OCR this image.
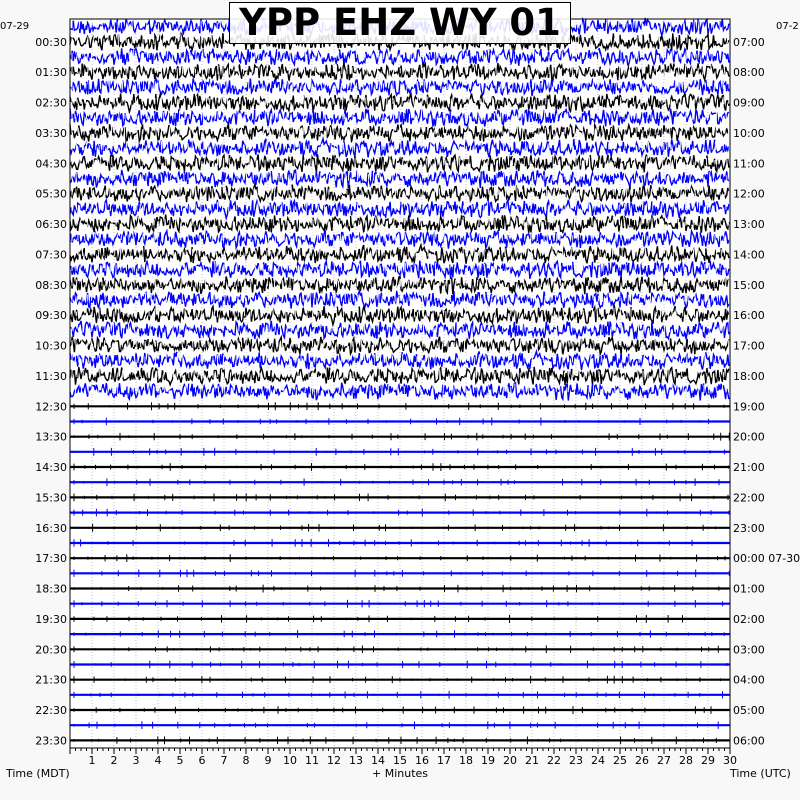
1 2 3 4 5 6 7 8 9 10 11 12 13 14 15 16 17 18 19 20 21 22 23 24 25 26 27 28 29 30
00:30	07:00
01:30	08:00
02:30	09:00
03:30	10:00
04:30	11:00
05:30	12:00
06:30	13:00
07:30	14:00
08:30	15:00
09:30	16:00
10:30	17:00
11:30	18:00
12:30	19:00
13:30	20:00
14:30	21:00
15:30	22:00
16:30	23:00
17:30	00:00 07-30
18:30	01:00
19:30	02:00
20:30	03:00
21:30	04:00
22:30	05:00
23:30	06:00
YPP EHZ WY 01
07-29	07-2
Time (MDT)	+ Minutes	Time (UTC)
